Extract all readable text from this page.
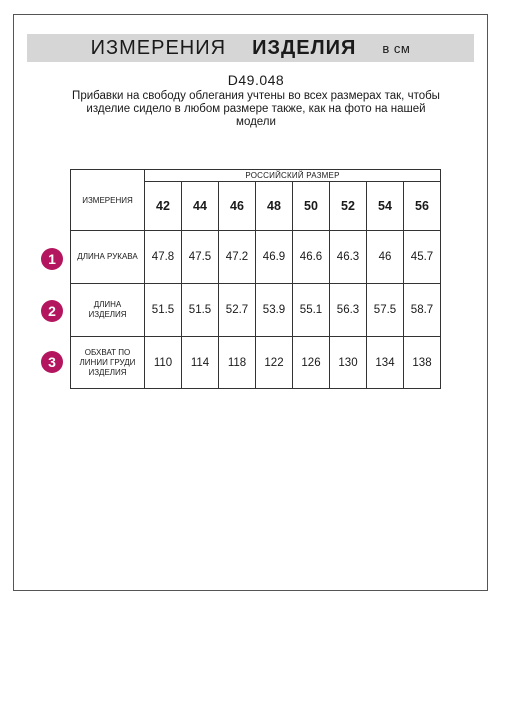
ИЗМЕРЕНИЯ ИЗДЕЛИЯ в см
D49.048
Прибавки на свободу облегания учтены во всех размерах так, чтобы
изделие сидело в любом размере также, как на фото на нашей
модели
ИЗМЕРЕНИЯ	РОССИЙСКИЙ РАЗМЕР							
	42	44	46	48	50	52	54	56

ДЛИНА РУКАВА	47.8	47.5	47.2	46.9	46.6	46.3	46	45.7

ДЛИНА
ИЗДЕЛИЯ	51.5	51.5	52.7	53.9	55.1	56.3	57.5	58.7

ОБХВАТ ПО
ЛИНИИ ГРУДИ
ИЗДЕЛИЯ	110	114	118	122	126	130	134	138
1
2
3
